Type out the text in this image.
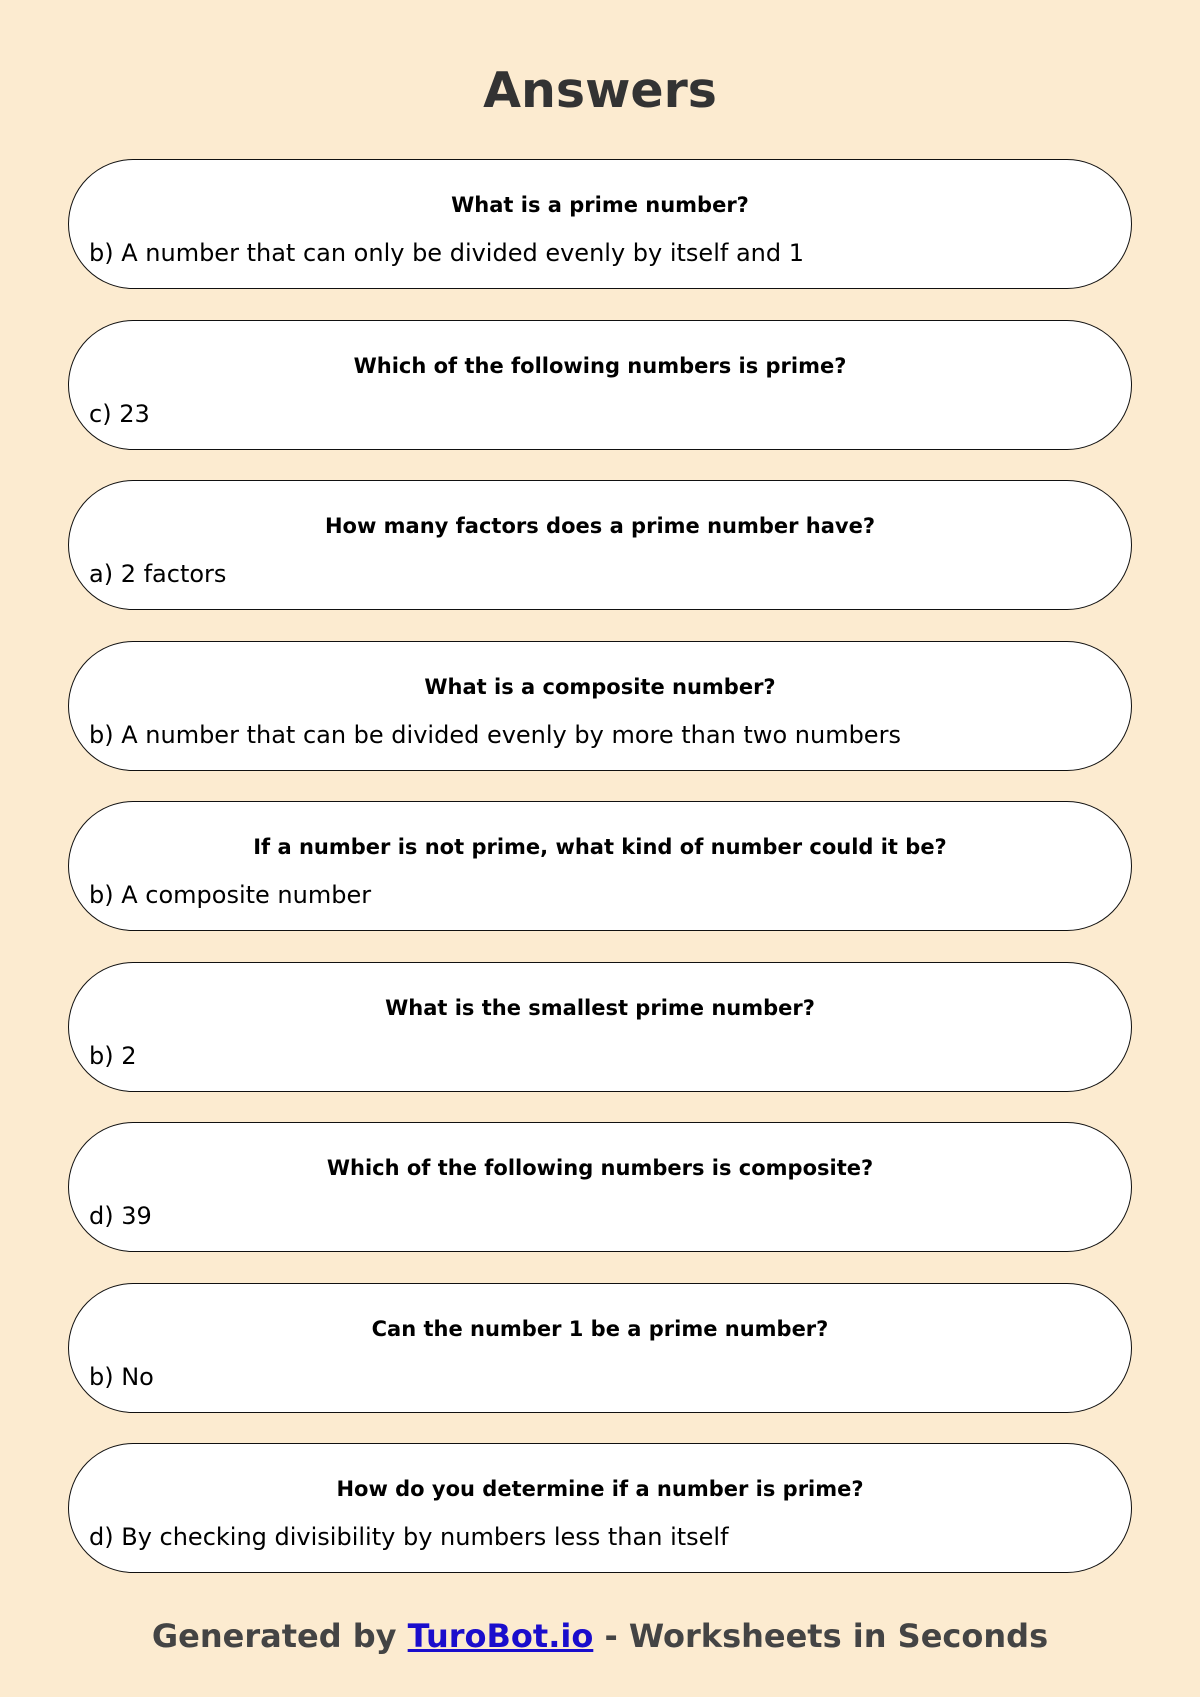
Answers
What is a prime number?
b) A number that can only be divided evenly by itself and 1
Which of the following numbers is prime?
c) 23
How many factors does a prime number have?
a) 2 factors
What is a composite number?
b) A number that can be divided evenly by more than two numbers
If a number is not prime, what kind of number could it be?
b) A composite number
What is the smallest prime number?
b) 2
Which of the following numbers is composite?
d) 39
Can the number 1 be a prime number?
b) No
How do you determine if a number is prime?
d) By checking divisibility by numbers less than itself
Generated by TuroBot.io - Worksheets in Seconds
